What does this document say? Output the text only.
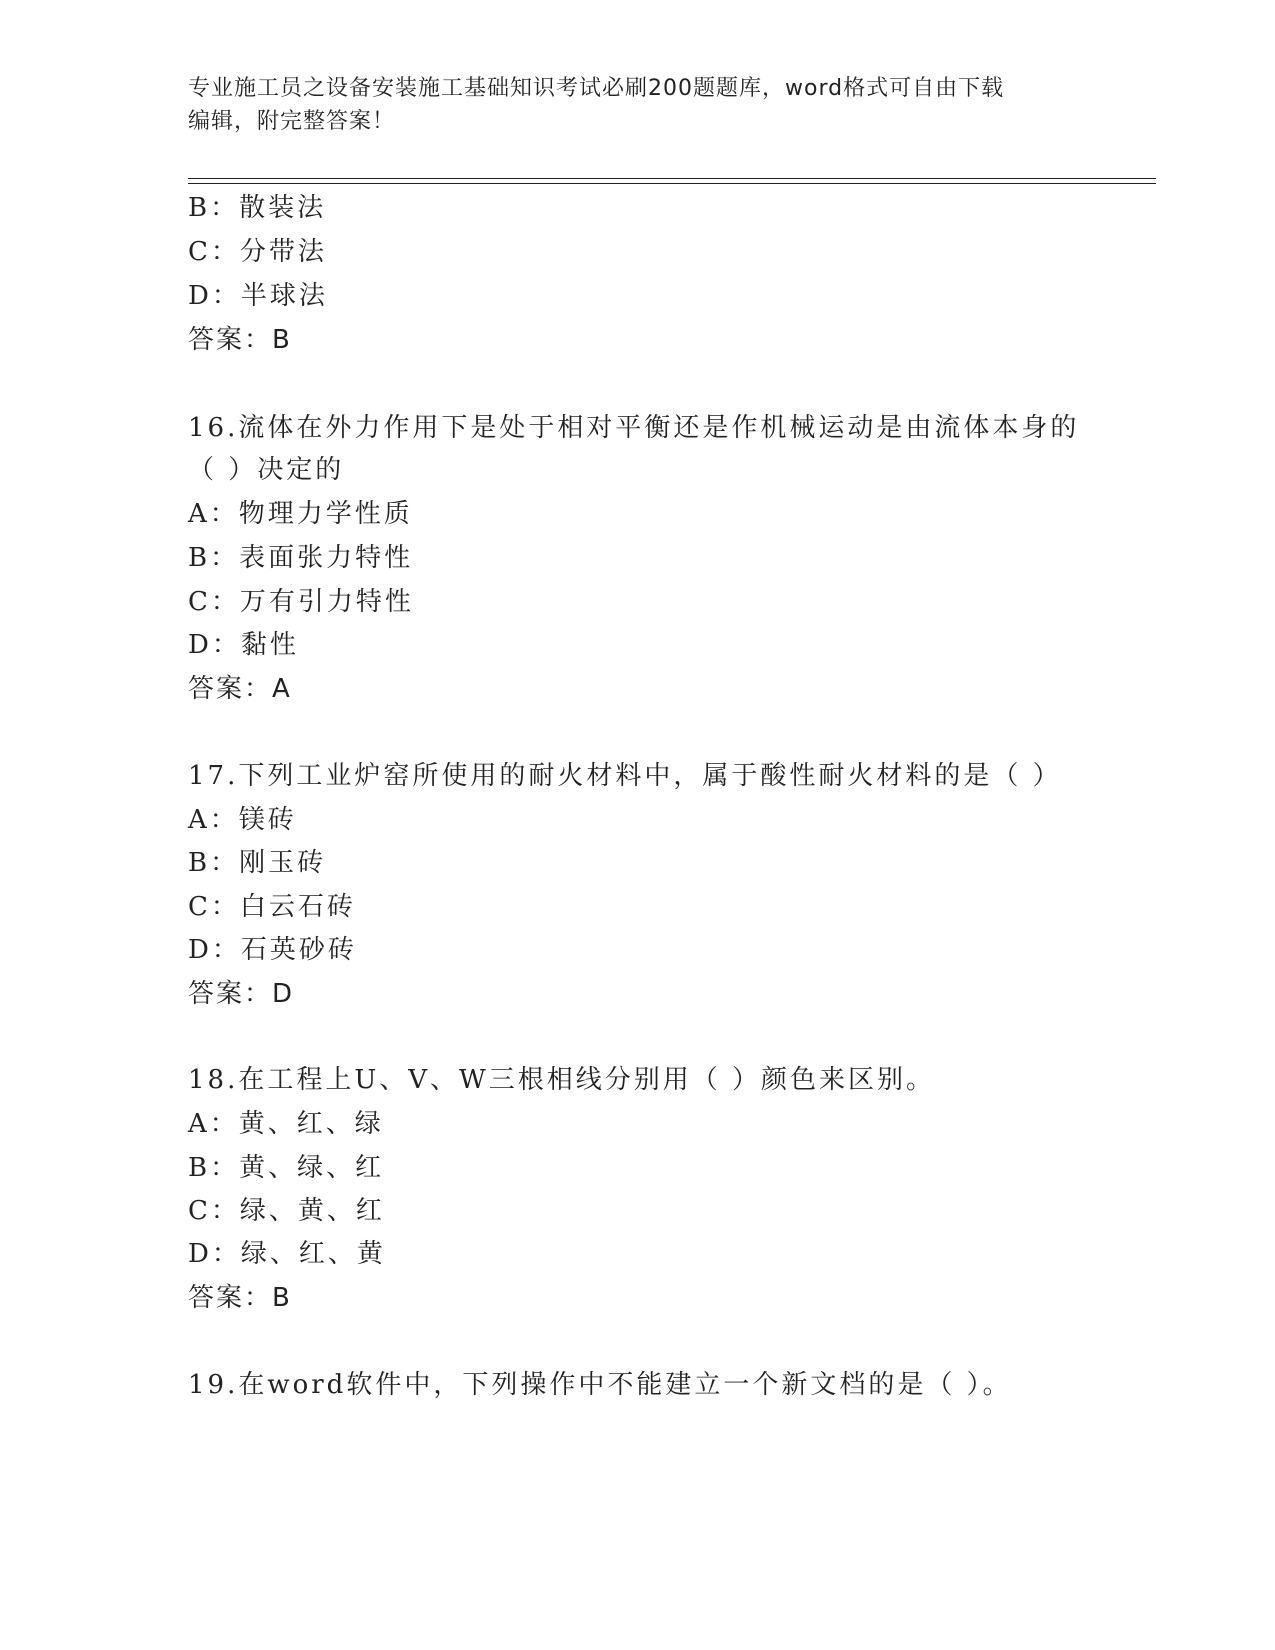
专业施工员之设备安装施工基础知识考试必刷200题题库，word格式可自由下载
编辑，附完整答案！
B：散装法
C：分带法
D：半球法
答案：B
16.流体在外力作用下是处于相对平衡还是作机械运动是由流体本身的
（ ）决定的
A：物理力学性质
B：表面张力特性
C：万有引力特性
D：黏性
答案：A
17.下列工业炉窑所使用的耐火材料中，属于酸性耐火材料的是（ ）
A：镁砖
B：刚玉砖
C：白云石砖
D：石英砂砖
答案：D
18.在工程上U、V、W三根相线分别用（ ）颜色来区别。
A：黄、红、绿
B：黄、绿、红
C：绿、黄、红
D：绿、红、黄
答案：B
19.在word软件中，下列操作中不能建立一个新文档的是（ ）。
